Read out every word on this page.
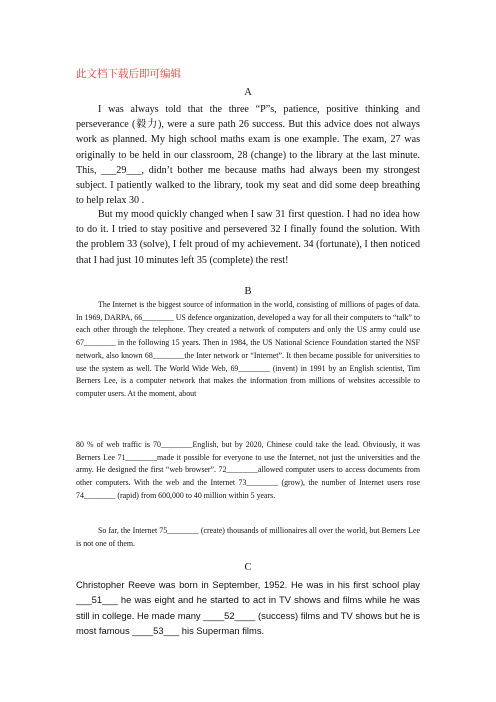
此文档下载后即可编辑
A

I was always told that the three “P”s, patience, positive thinking and perseverance (毅力), were a sure path 26 success. But this advice does not always work as planned. My high school maths exam is one example. The exam, 27 was originally to be held in our classroom, 28 (change) to the library at the last minute. This, ___29___, didn’t bother me because maths had always been my strongest subject. I patiently walked to the library, took my seat and did some deep breathing to help relax 30 .

But my mood quickly changed when I saw 31 first question. I had no idea how to do it. I tried to stay positive and persevered 32 I finally found the solution. With the problem 33 (solve), I felt proud of my achievement. 34 (fortunate), I then noticed that I had just 10 minutes left 35 (complete) the rest!

B

The Internet is the biggest source of information in the world, consisting of millions of pages of data. In 1969, DARPA, 66________ US defence organization, developed a way for all their computers to “talk” to each other through the telephone. They created a network of computers and only the US army could use 67________ in the following 15 years. Then in 1984, the US National Science Foundation started the NSF network, also known 68________the Inter network or “Internet”. It then became possible for universities to use the system as well. The World Wide Web, 69________ (invent) in 1991 by an English scientist, Tim Berners Lee, is a computer network that makes the information from millions of websites accessible to computer users. At the moment, about

80 % of web traffic is 70________English, but by 2020, Chinese could take the lead. Obviously, it was Berners Lee 71________made it possible for everyone to use the Internet, not just the universities and the army. He designed the first “web browser”. 72________allowed computer users to access documents from other computers. With the web and the Internet 73________ (grow), the number of Internet users rose 74________ (rapid) from 600,000 to 40 million within 5 years.

So far, the Internet 75________ (create) thousands of millionaires all over the world, but Berners Lee is not one of them.

C

Christopher Reeve was born in September, 1952. He was in his first school play ___51___ he was eight and he started to act in TV shows and films while he was still in college. He made many ____52____ (success) films and TV shows but he is most famous ____53___ his Superman films.
